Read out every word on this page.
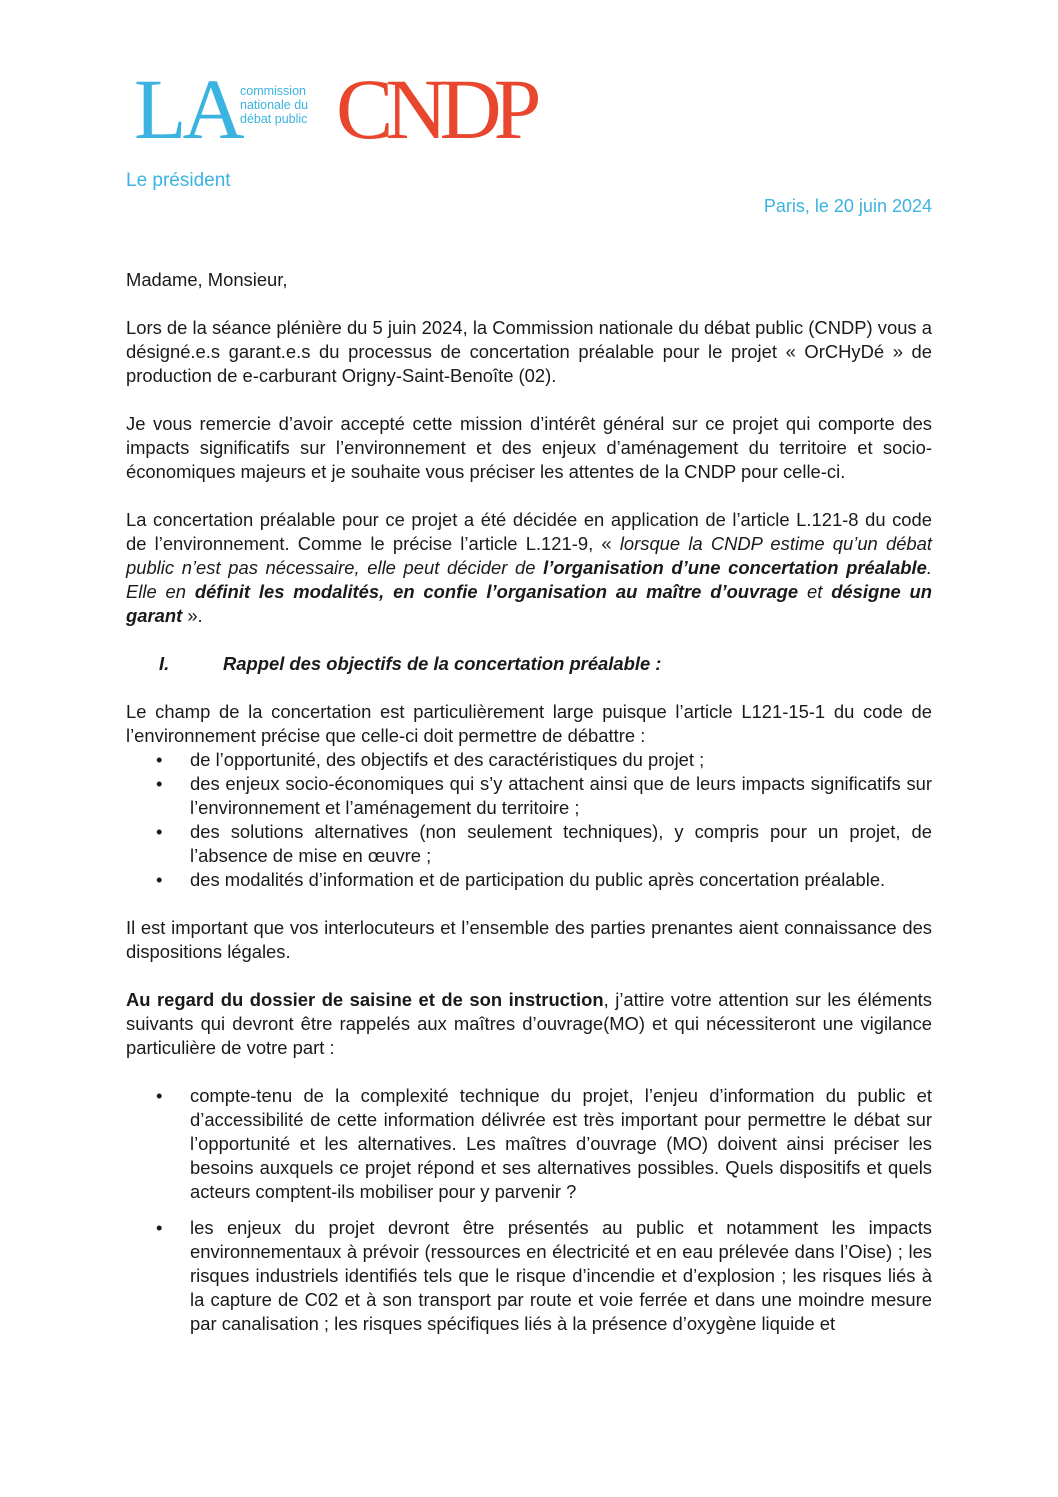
LA CNDP
commission
nationale du
débat public
Le président
Paris, le 20 juin 2024

Madame, Monsieur,

Lors de la séance plénière du 5 juin 2024, la Commission nationale du débat public (CNDP) vous a désigné.e.s garant.e.s du processus de concertation préalable pour le projet « OrCHyDé » de production de e-carburant Origny-Saint-Benoîte (02).

Je vous remercie d’avoir accepté cette mission d’intérêt général sur ce projet qui comporte des impacts significatifs sur l’environnement et des enjeux d’aménagement du territoire et socio-économiques majeurs et je souhaite vous préciser les attentes de la CNDP pour celle-ci.

La concertation préalable pour ce projet a été décidée en application de l’article L.121-8 du code de l’environnement. Comme le précise l’article L.121-9, « lorsque la CNDP estime qu’un débat public n’est pas nécessaire, elle peut décider de l’organisation d’une concertation préalable. Elle en définit les modalités, en confie l’organisation au maître d’ouvrage et désigne un garant ».

I.	Rappel des objectifs de la concertation préalable :

Le champ de la concertation est particulièrement large puisque l’article L121-15-1 du code de l’environnement précise que celle-ci doit permettre de débattre :

• de l’opportunité, des objectifs et des caractéristiques du projet ;
• des enjeux socio-économiques qui s’y attachent ainsi que de leurs impacts significatifs sur l’environnement et l’aménagement du territoire ;
• des solutions alternatives (non seulement techniques), y compris pour un projet, de l’absence de mise en œuvre ;
• des modalités d’information et de participation du public après concertation préalable.

Il est important que vos interlocuteurs et l’ensemble des parties prenantes aient connaissance des dispositions légales.

Au regard du dossier de saisine et de son instruction, j’attire votre attention sur les éléments suivants qui devront être rappelés aux maîtres d’ouvrage(MO) et qui nécessiteront une vigilance particulière de votre part :

• compte-tenu de la complexité technique du projet, l’enjeu d’information du public et d’accessibilité de cette information délivrée est très important pour permettre le débat sur l’opportunité et les alternatives. Les maîtres d’ouvrage (MO) doivent ainsi préciser les besoins auxquels ce projet répond et ses alternatives possibles. Quels dispositifs et quels acteurs comptent-ils mobiliser pour y parvenir ?
• les enjeux du projet devront être présentés au public et notamment les impacts environnementaux à prévoir (ressources en électricité et en eau prélevée dans l’Oise) ; les risques industriels identifiés tels que le risque d’incendie et d’explosion ; les risques liés à la capture de C02 et à son transport par route et voie ferrée et dans une moindre mesure par canalisation ; les risques spécifiques liés à la présence d’oxygène liquide et
